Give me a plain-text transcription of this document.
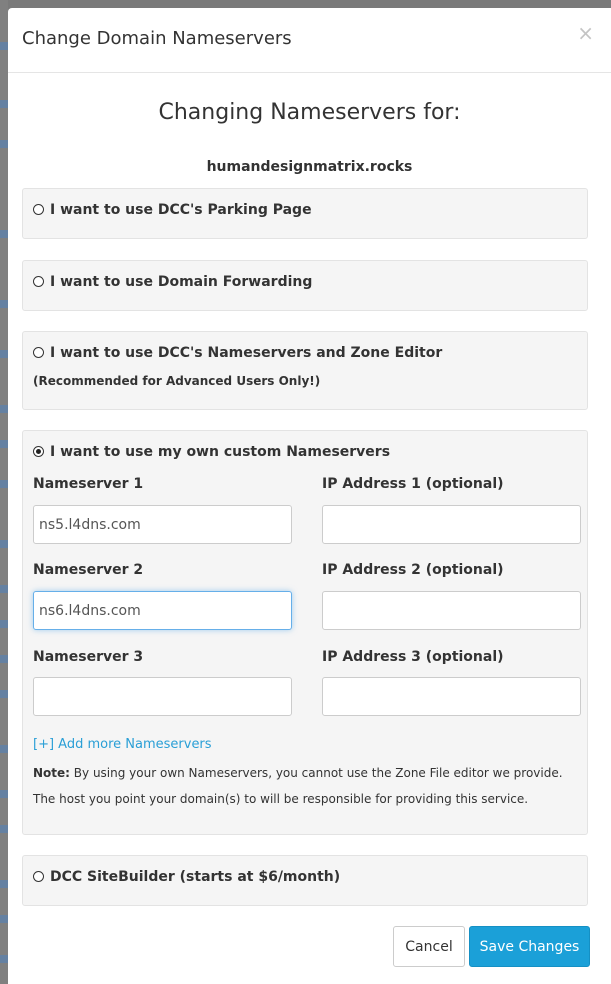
Change Domain Nameservers	×
Changing Nameservers for:
humandesignmatrix.rocks
I want to use DCC's Parking Page
I want to use Domain Forwarding
I want to use DCC's Nameservers and Zone Editor
(Recommended for Advanced Users Only!)
I want to use my own custom Nameservers
Nameserver 1	IP Address 1 (optional)
ns5.l4dns.com
Nameserver 2	IP Address 2 (optional)
ns6.l4dns.com
Nameserver 3	IP Address 3 (optional)
[+] Add more Nameservers
Note: By using your own Nameservers, you cannot use the Zone File editor we provide. The host you point your domain(s) to will be responsible for providing this service.
DCC SiteBuilder (starts at $6/month)
Cancel	Save Changes
